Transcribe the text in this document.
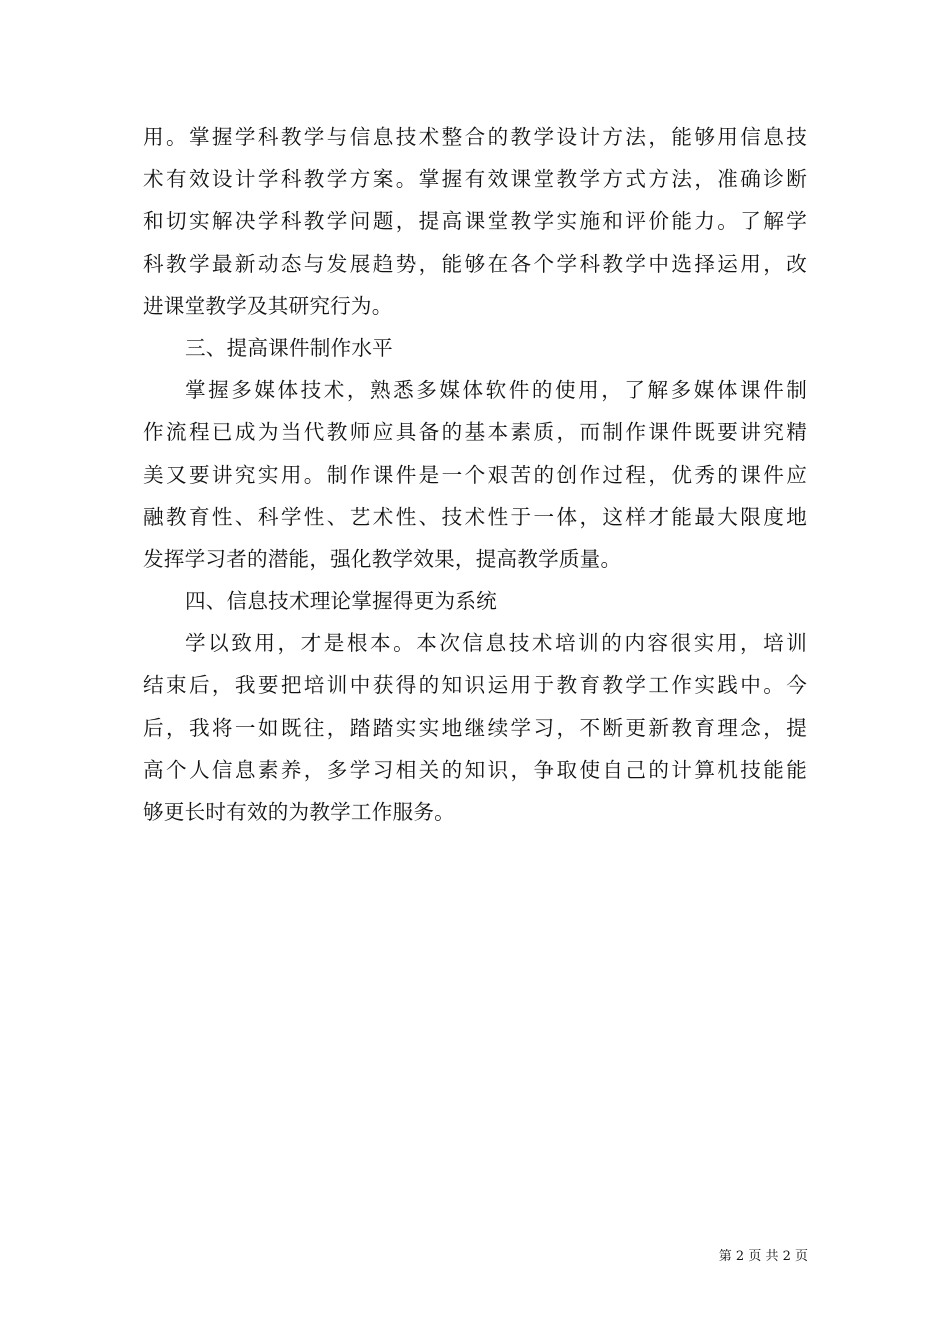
用。掌握学科教学与信息技术整合的教学设计方法，能够用信息技
术有效设计学科教学方案。掌握有效课堂教学方式方法，准确诊断
和切实解决学科教学问题，提高课堂教学实施和评价能力。了解学
科教学最新动态与发展趋势，能够在各个学科教学中选择运用，改
进课堂教学及其研究行为。
三、提高课件制作水平
掌握多媒体技术，熟悉多媒体软件的使用，了解多媒体课件制
作流程已成为当代教师应具备的基本素质，而制作课件既要讲究精
美又要讲究实用。制作课件是一个艰苦的创作过程，优秀的课件应
融教育性、科学性、艺术性、技术性于一体，这样才能最大限度地
发挥学习者的潜能，强化教学效果，提高教学质量。
四、信息技术理论掌握得更为系统
学以致用，才是根本。本次信息技术培训的内容很实用，培训
结束后，我要把培训中获得的知识运用于教育教学工作实践中。今
后，我将一如既往，踏踏实实地继续学习，不断更新教育理念，提
高个人信息素养，多学习相关的知识，争取使自己的计算机技能能
够更长时有效的为教学工作服务。
第 2 页 共 2 页
